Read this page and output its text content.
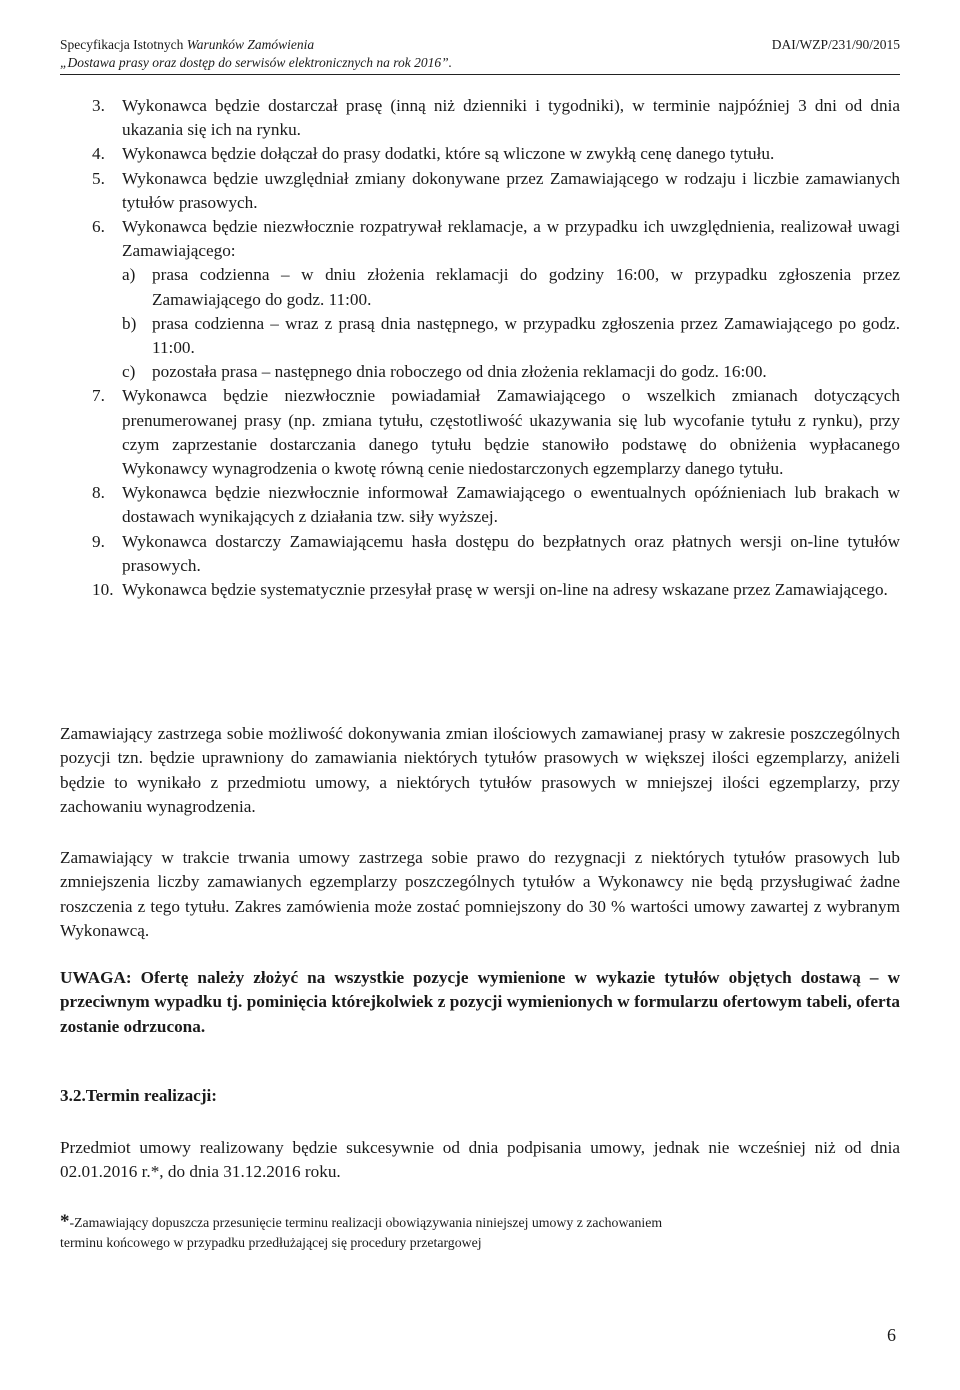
Specyfikacja Istotnych Warunków Zamówienia	DAI/WZP/231/90/2015
„Dostawa prasy oraz dostęp do serwisów elektronicznych na rok 2016”.
3. Wykonawca będzie dostarczał prasę (inną niż dzienniki i tygodniki), w terminie najpóźniej 3 dni od dnia ukazania się ich na rynku.
4. Wykonawca będzie dołączał do prasy dodatki, które są wliczone w zwykłą cenę danego tytułu.
5. Wykonawca będzie uwzględniał zmiany dokonywane przez Zamawiającego w rodzaju i liczbie zamawianych tytułów prasowych.
6. Wykonawca będzie niezwłocznie rozpatrywał reklamacje, a w przypadku ich uwzględnienia, realizował uwagi Zamawiającego:
a) prasa codzienna – w dniu złożenia reklamacji do godziny 16:00, w przypadku zgłoszenia przez Zamawiającego do godz. 11:00.
b) prasa codzienna – wraz z prasą dnia następnego, w przypadku zgłoszenia przez Zamawiającego po godz. 11:00.
c) pozostała prasa – następnego dnia roboczego od dnia złożenia reklamacji do godz. 16:00.
7. Wykonawca będzie niezwłocznie powiadamiał Zamawiającego o wszelkich zmianach dotyczących prenumerowanej prasy (np. zmiana tytułu, częstotliwość ukazywania się lub wycofanie tytułu z rynku), przy czym zaprzestanie dostarczania danego tytułu będzie stanowiło podstawę do obniżenia wypłacanego Wykonawcy wynagrodzenia o kwotę równą cenie niedostarczonych egzemplarzy danego tytułu.
8. Wykonawca będzie niezwłocznie informował Zamawiającego o ewentualnych opóźnieniach lub brakach w dostawach wynikających z działania tzw. siły wyższej.
9. Wykonawca dostarczy Zamawiającemu hasła dostępu do bezpłatnych oraz płatnych wersji on-line tytułów prasowych.
10. Wykonawca będzie systematycznie przesyłał prasę w wersji on-line na adresy wskazane przez Zamawiającego.
Zamawiający zastrzega sobie możliwość dokonywania zmian ilościowych zamawianej prasy w zakresie poszczególnych pozycji tzn. będzie uprawniony do zamawiania niektórych tytułów prasowych w większej ilości egzemplarzy, aniżeli będzie to wynikało z przedmiotu umowy, a niektórych tytułów prasowych w mniejszej ilości egzemplarzy, przy zachowaniu wynagrodzenia.
Zamawiający w trakcie trwania umowy zastrzega sobie prawo do rezygnacji z niektórych tytułów prasowych lub zmniejszenia liczby zamawianych egzemplarzy poszczególnych tytułów a Wykonawcy nie będą przysługiwać żadne roszczenia z tego tytułu. Zakres zamówienia może zostać pomniejszony do 30 % wartości umowy zawartej z wybranym Wykonawcą.
UWAGA: Ofertę należy złożyć na wszystkie pozycje wymienione w wykazie tytułów objętych dostawą – w przeciwnym wypadku tj. pominięcia którejkolwiek z pozycji wymienionych w formularzu ofertowym tabeli, oferta zostanie odrzucona.
3.2.Termin realizacji:
Przedmiot umowy realizowany będzie sukcesywnie od dnia podpisania umowy, jednak nie wcześniej niż od dnia 02.01.2016 r.*, do dnia 31.12.2016 roku.
*-Zamawiający dopuszcza przesunięcie terminu realizacji obowiązywania niniejszej umowy z zachowaniem
terminu końcowego w przypadku przedłużającej się procedury przetargowej
6
